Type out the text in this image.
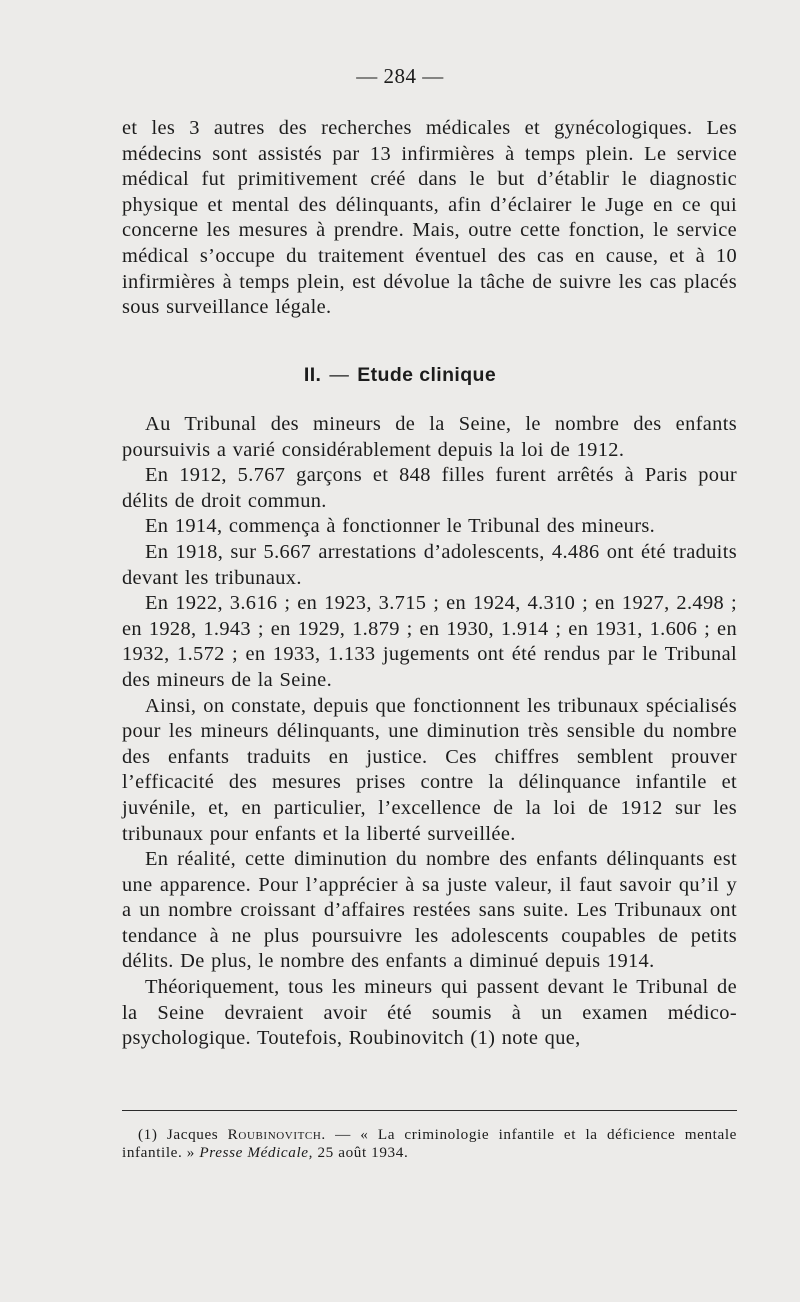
— 284 —

et les 3 autres des recherches médicales et gynécologiques. Les médecins sont assistés par 13 infirmières à temps plein. Le service médical fut primitivement créé dans le but d’établir le diagnostic physique et mental des délinquants, afin d’éclairer le Juge en ce qui concerne les mesures à prendre. Mais, outre cette fonction, le service médical s’occupe du traitement éventuel des cas en cause, et à 10 infirmières à temps plein, est dévolue la tâche de suivre les cas placés sous surveillance légale.

II. — Etude clinique

Au Tribunal des mineurs de la Seine, le nombre des enfants poursuivis a varié considérablement depuis la loi de 1912.

En 1912, 5.767 garçons et 848 filles furent arrêtés à Paris pour délits de droit commun.

En 1914, commença à fonctionner le Tribunal des mineurs.

En 1918, sur 5.667 arrestations d’adolescents, 4.486 ont été traduits devant les tribunaux.

En 1922, 3.616 ; en 1923, 3.715 ; en 1924, 4.310 ; en 1927, 2.498 ; en 1928, 1.943 ; en 1929, 1.879 ; en 1930, 1.914 ; en 1931, 1.606 ; en 1932, 1.572 ; en 1933, 1.133 jugements ont été rendus par le Tribunal des mineurs de la Seine.

Ainsi, on constate, depuis que fonctionnent les tribunaux spécialisés pour les mineurs délinquants, une diminution très sensible du nombre des enfants traduits en justice. Ces chiffres semblent prouver l’efficacité des mesures prises contre la délinquance infantile et juvénile, et, en particulier, l’excellence de la loi de 1912 sur les tribunaux pour enfants et la liberté surveillée.

En réalité, cette diminution du nombre des enfants délinquants est une apparence. Pour l’apprécier à sa juste valeur, il faut savoir qu’il y a un nombre croissant d’affaires restées sans suite. Les Tribunaux ont tendance à ne plus poursuivre les adolescents coupables de petits délits. De plus, le nombre des enfants a diminué depuis 1914.

Théoriquement, tous les mineurs qui passent devant le Tribunal de la Seine devraient avoir été soumis à un examen médico-psychologique. Toutefois, Roubinovitch (1) note que,

(1) Jacques Roubinovitch. — « La criminologie infantile et la déficience mentale infantile. » Presse Médicale, 25 août 1934.
